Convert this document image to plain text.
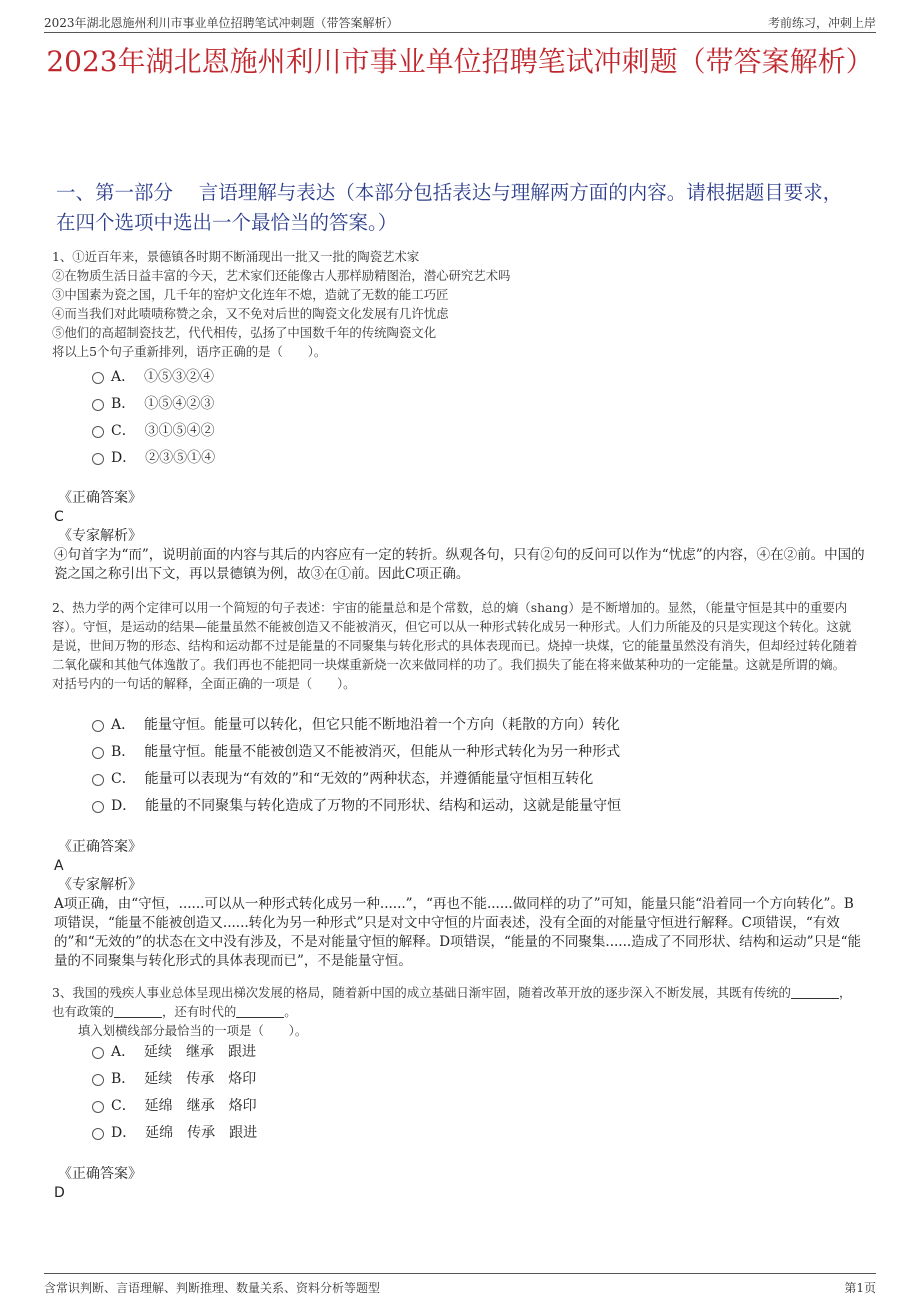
2023年湖北恩施州利川市事业单位招聘笔试冲刺题（带答案解析）	考前练习，冲刺上岸
2023年湖北恩施州利川市事业单位招聘笔试冲刺题（带答案解析）
一、第一部分　 言语理解与表达（本部分包括表达与理解两方面的内容。请根据题目要求，在四个选项中选出一个最恰当的答案。）

1、①近百年来，景德镇各时期不断涌现出一批又一批的陶瓷艺术家

②在物质生活日益丰富的今天，艺术家们还能像古人那样励精图治，潜心研究艺术吗

③中国素为瓷之国，几千年的窑炉文化连年不熄，造就了无数的能工巧匠

④而当我们对此啧啧称赞之余，又不免对后世的陶瓷文化发展有几许忧虑

⑤他们的高超制瓷技艺，代代相传，弘扬了中国数千年的传统陶瓷文化

将以上5个句子重新排列，语序正确的是（　　）。

A．  ①⑤③②④
B．  ①⑤④②③
C．  ③①⑤④②
D．  ②③⑤①④
《正确答案》
C
《专家解析》

④句首字为“而”，说明前面的内容与其后的内容应有一定的转折。纵观各句，只有②句的反问可以作为“忧虑”的内容，④在②前。中国的瓷之国之称引出下文，再以景德镇为例，故③在①前。因此C项正确。

2、热力学的两个定律可以用一个简短的句子表述：宇宙的能量总和是个常数，总的熵（shang）是不断增加的。显然，（能量守恒是其中的重要内容）。守恒，是运动的结果—能量虽然不能被创造又不能被消灭，但它可以从一种形式转化成另一种形式。人们力所能及的只是实现这个转化。这就是说，世间万物的形态、结构和运动都不过是能量的不同聚集与转化形式的具体表现而已。烧掉一块煤，它的能量虽然没有消失，但却经过转化随着二氧化碳和其他气体逸散了。我们再也不能把同一块煤重新烧一次来做同样的功了。我们损失了能在将来做某种功的一定能量。这就是所谓的熵。

对括号内的一句话的解释，全面正确的一项是（　　）。

A．  能量守恒。能量可以转化，但它只能不断地沿着一个方向（耗散的方向）转化
B．  能量守恒。能量不能被创造又不能被消灭，但能从一种形式转化为另一种形式
C．  能量可以表现为“有效的”和“无效的”两种状态，并遵循能量守恒相互转化
D．  能量的不同聚集与转化造成了万物的不同形状、结构和运动，这就是能量守恒
《正确答案》
A
《专家解析》

A项正确，由“守恒，......可以从一种形式转化成另一种......”，“再也不能......做同样的功了”可知，能量只能“沿着同一个方向转化”。B项错误，“能量不能被创造又......转化为另一种形式”只是对文中守恒的片面表述，没有全面的对能量守恒进行解释。C项错误，“有效的”和“无效的”的状态在文中没有涉及，不是对能量守恒的解释。D项错误，“能量的不同聚集......造成了不同形状、结构和运动”只是“能量的不同聚集与转化形式的具体表现而已”，不是能量守恒。

3、我国的残疾人事业总体呈现出梯次发展的格局，随着新中国的成立基础日渐牢固，随着改革开放的逐步深入不断发展，其既有传统的	，也有政策的	，还有时代的	。

填入划横线部分最恰当的一项是（　　）。

A．  延续　继承　跟进
B．  延续　传承　烙印
C．  延绵　继承　烙印
D．  延绵　传承　跟进
《正确答案》
D
含常识判断、言语理解、判断推理、数量关系、资料分析等题型	第1页
